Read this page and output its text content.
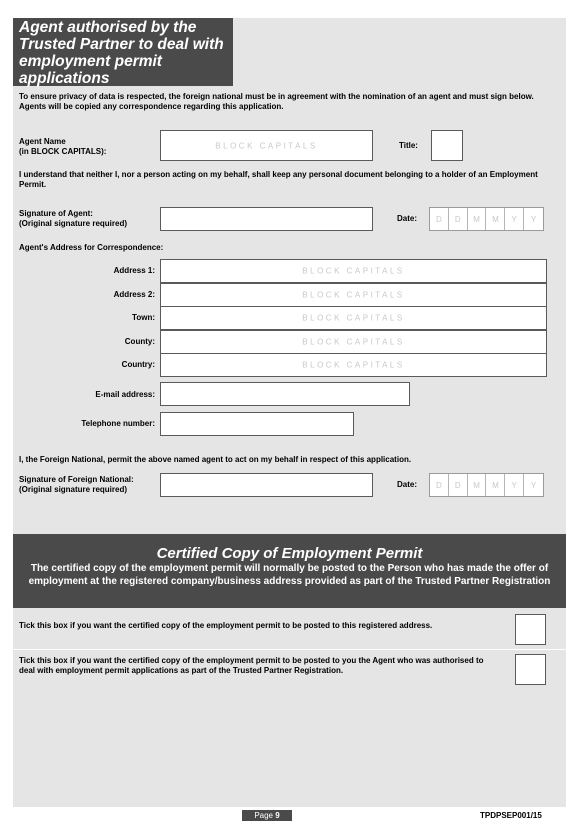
Agent authorised by the Trusted Partner to deal with employment permit applications
To ensure privacy of data is respected, the foreign national must be in agreement with the nomination of an agent and must sign below. Agents will be copied any correspondence regarding this application.
Agent Name
(in BLOCK CAPITALS):
BLOCK CAPITALS	Title:
I understand that neither I, nor a person acting on my behalf, shall keep any personal document belonging to a holder of an Employment Permit.
Signature of Agent:
(Original signature required)
Date:	D	D	M	M	Y	Y
Agent's Address for Correspondence:
Address 1:	BLOCK CAPITALS
Address 2:	BLOCK CAPITALS
Town:	BLOCK CAPITALS
County:	BLOCK CAPITALS
Country:	BLOCK CAPITALS
E-mail address:
Telephone number:
I, the Foreign National, permit the above named agent to act on my behalf in respect of this application.
Signature of Foreign National:
(Original signature required)
Date:	D	D	M	M	Y	Y
Certified Copy of Employment Permit
The certified copy of the employment permit will normally be posted to the Person who has made the offer of employment at the registered company/business address provided as part of the Trusted Partner Registration
Tick this box if you want the certified copy of the employment permit to be posted to this registered address.
Tick this box if you want the certified copy of the employment permit to be posted to you the Agent who was authorised to deal with employment permit applications as part of the Trusted Partner Registration.
Page 9	TPDPSEP001/15
